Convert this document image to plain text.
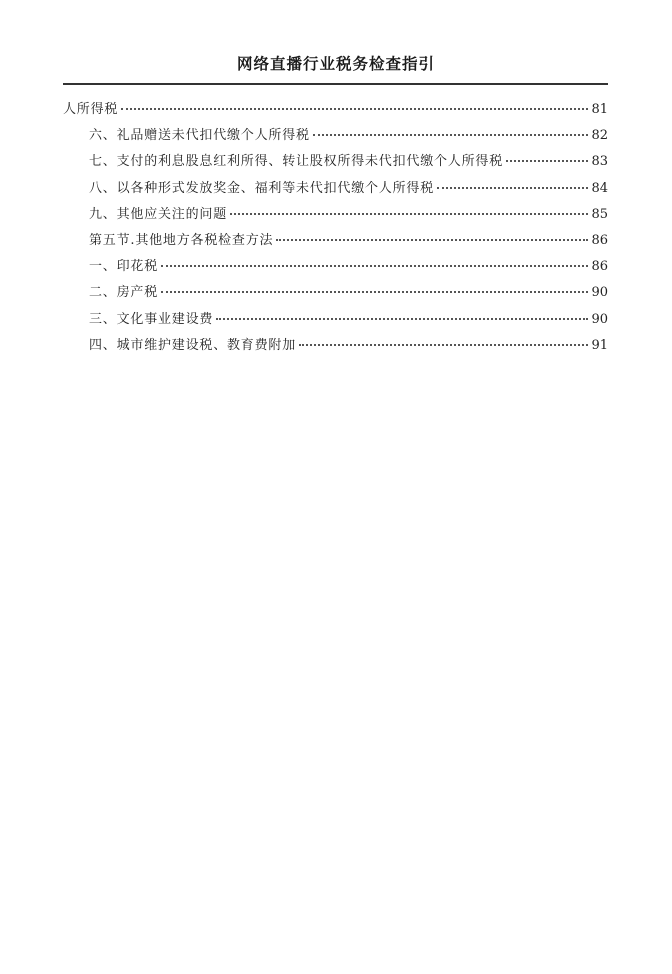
网络直播行业税务检查指引
人所得税	81
六、礼品赠送未代扣代缴个人所得税	82
七、支付的利息股息红利所得、转让股权所得未代扣代缴个人所得税	83
八、以各种形式发放奖金、福利等未代扣代缴个人所得税	84
九、其他应关注的问题	85
第五节.其他地方各税检查方法	86
一、印花税	86
二、房产税	90
三、文化事业建设费	90
四、城市维护建设税、教育费附加	91
